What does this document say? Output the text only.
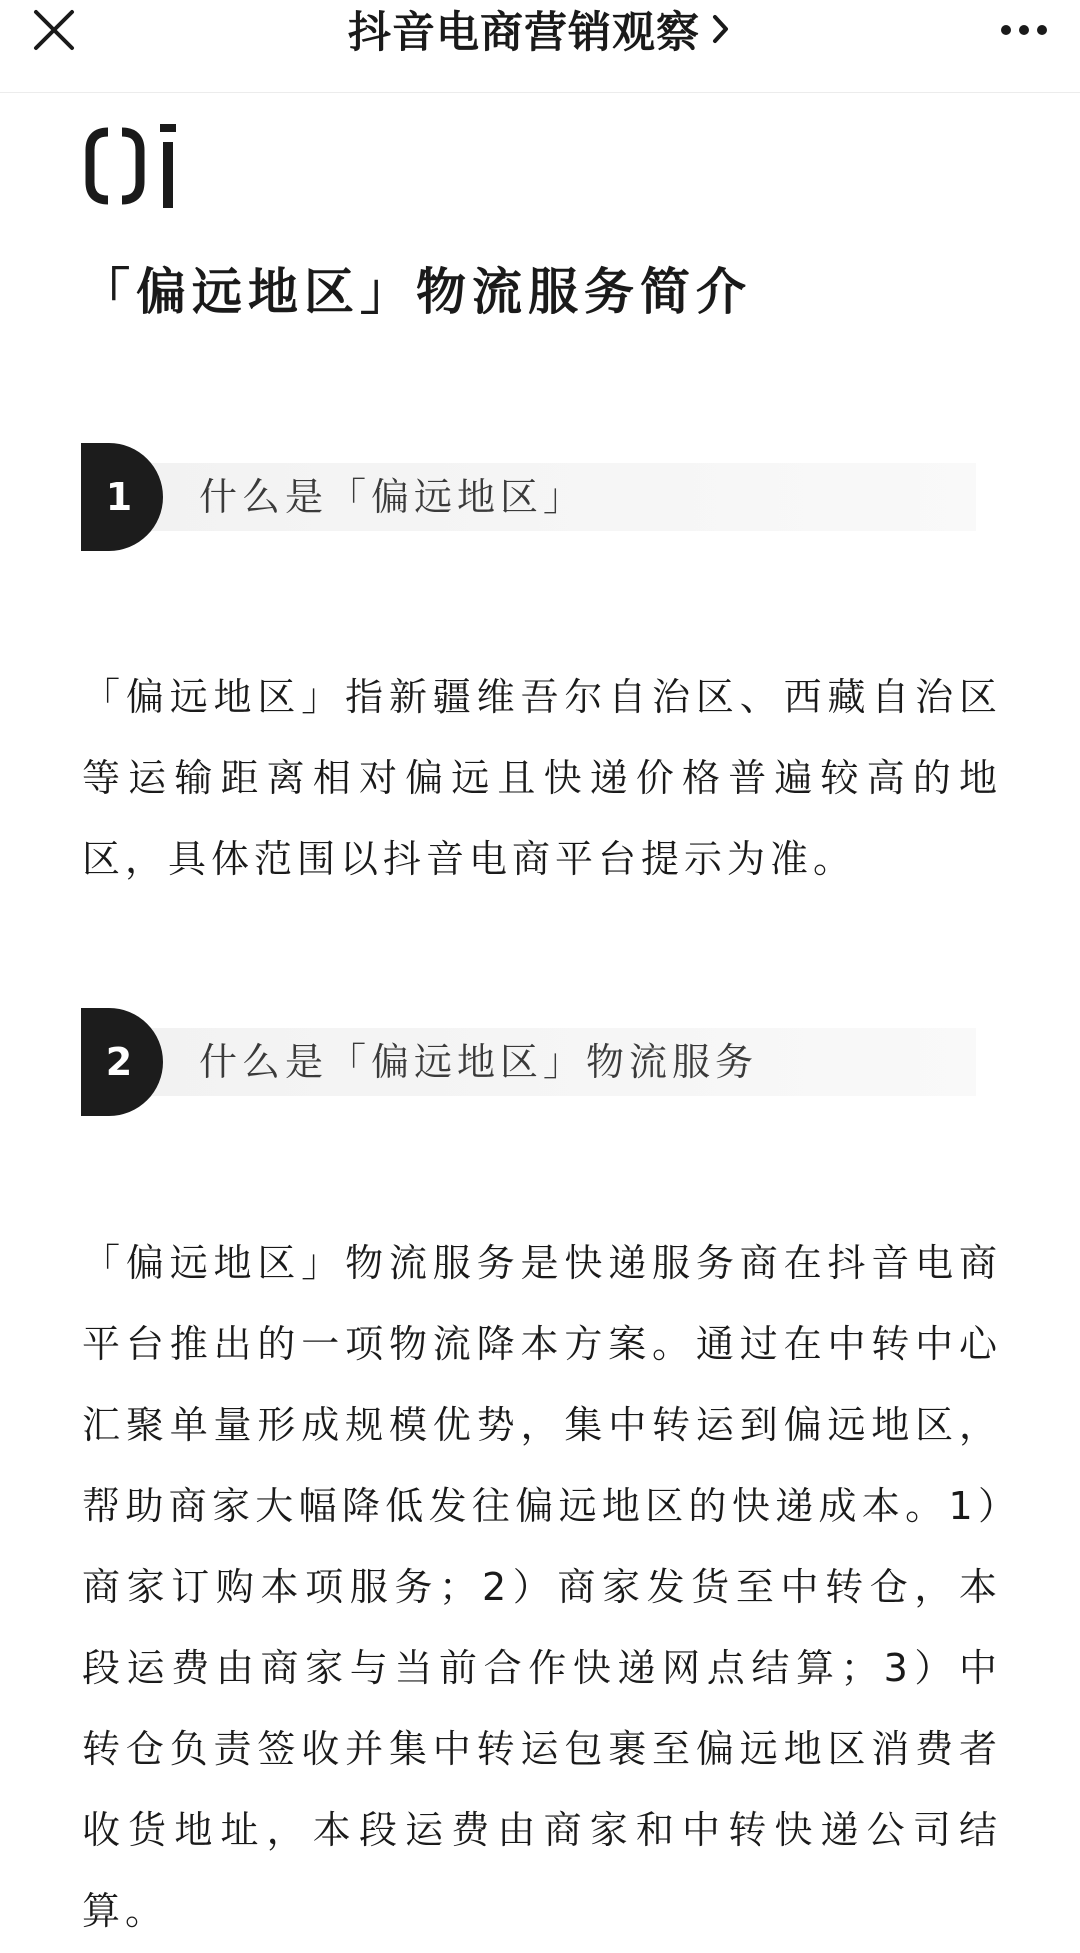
抖音电商营销观察
「偏远地区」物流服务简介
1	什么是「偏远地区」

「偏远地区」指新疆维吾尔自治区、西藏自治区等运输距离相对偏远且快递价格普遍较高的地区，具体范围以抖音电商平台提示为准。

2	什么是「偏远地区」物流服务

「偏远地区」物流服务是快递服务商在抖音电商平台推出的一项物流降本方案。通过在中转中心汇聚单量形成规模优势，集中转运到偏远地区，帮助商家大幅降低发往偏远地区的快递成本。1）商家订购本项服务；2）商家发货至中转仓，本段运费由商家与当前合作快递网点结算；3）中转仓负责签收并集中转运包裹至偏远地区消费者收货地址，本段运费由商家和中转快递公司结算。
